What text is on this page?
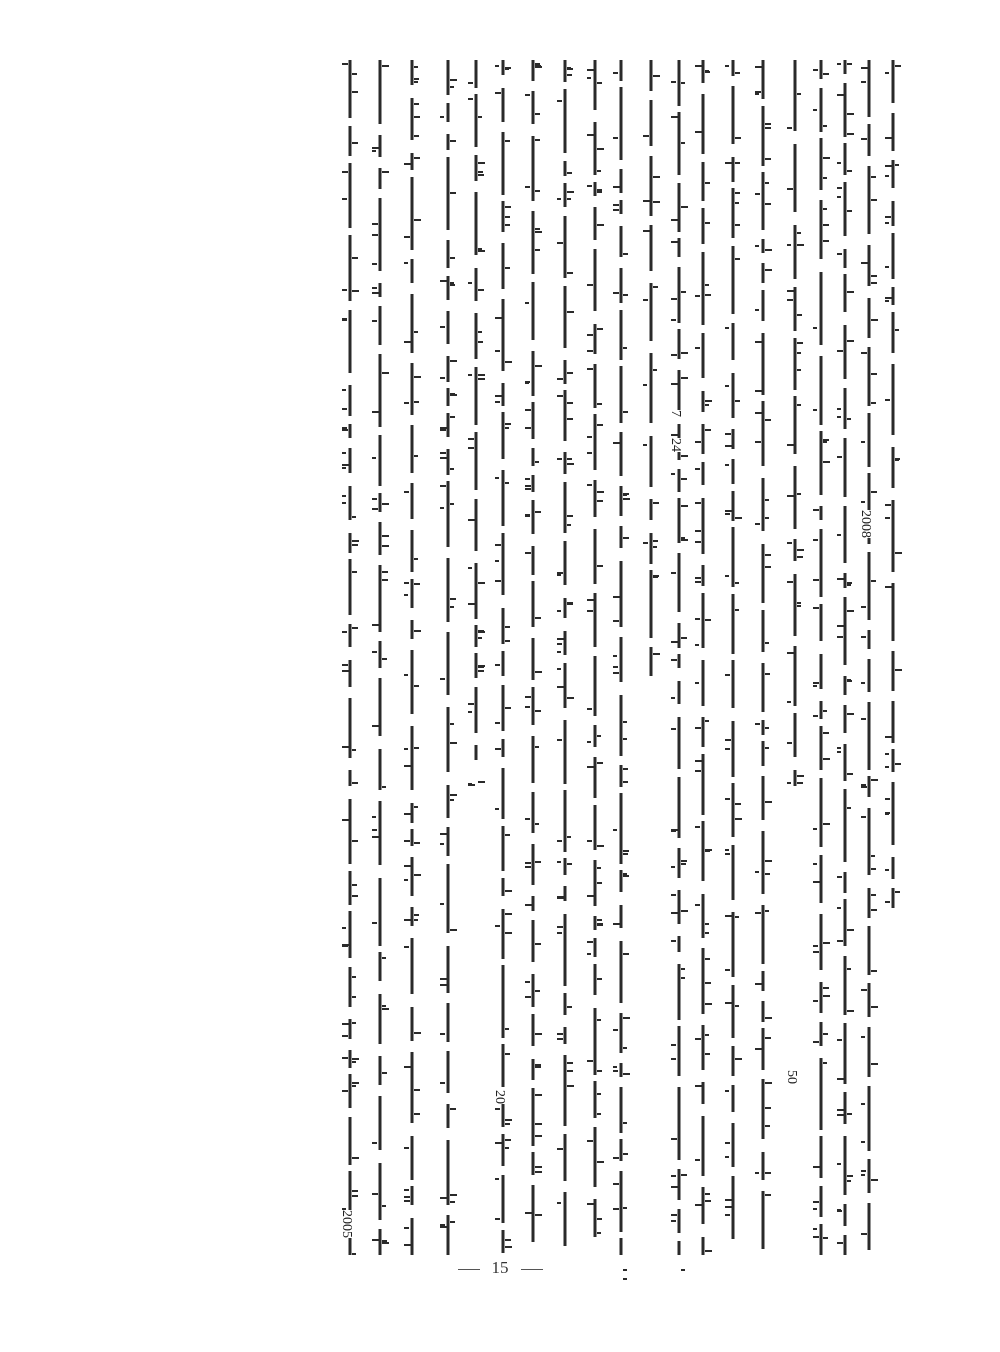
2008
50
24
7
20
2005
15
